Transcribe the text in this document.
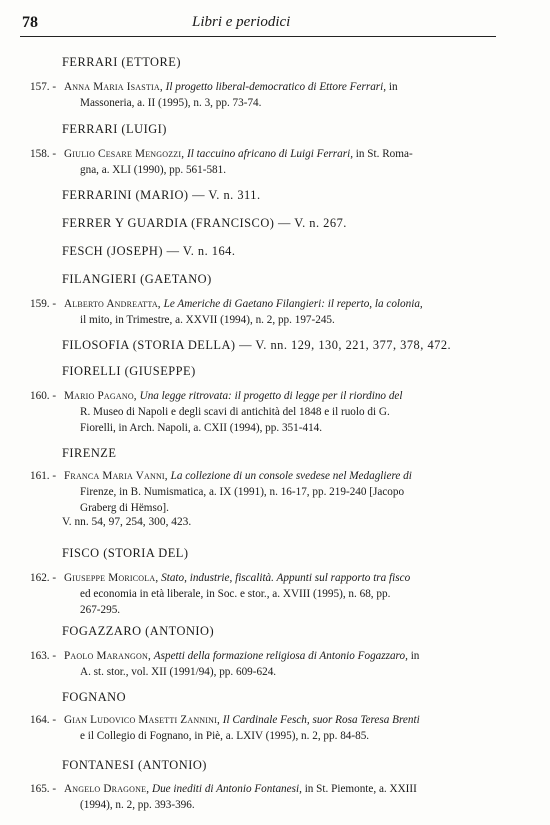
78	Libri e periodici
FERRARI (ETTORE)
157. - Anna Maria Isastia, Il progetto liberal-democratico di Ettore Ferrari, in
Massoneria, a. II (1995), n. 3, pp. 73-74.
FERRARI (LUIGI)
158. - Giulio Cesare Mengozzi, Il taccuino africano di Luigi Ferrari, in St. Roma-
gna, a. XLI (1990), pp. 561-581.
FERRARINI (MARIO) — V. n. 311.
FERRER Y GUARDIA (FRANCISCO) — V. n. 267.
FESCH (JOSEPH) — V. n. 164.
FILANGIERI (GAETANO)
159. - Alberto Andreatta, Le Americhe di Gaetano Filangieri: il reperto, la colonia,
il mito, in Trimestre, a. XXVII (1994), n. 2, pp. 197-245.
FILOSOFIA (STORIA DELLA) — V. nn. 129, 130, 221, 377, 378, 472.
FIORELLI (GIUSEPPE)
160. - Mario Pagano, Una legge ritrovata: il progetto di legge per il riordino del
R. Museo di Napoli e degli scavi di antichità del 1848 e il ruolo di G.
Fiorelli, in Arch. Napoli, a. CXII (1994), pp. 351-414.
FIRENZE
161. - Franca Maria Vanni, La collezione di un console svedese nel Medagliere di
Firenze, in B. Numismatica, a. IX (1991), n. 16-17, pp. 219-240 [Jacopo
Graberg di Hëmso].
V. nn. 54, 97, 254, 300, 423.
FISCO (STORIA DEL)
162. - Giuseppe Moricola, Stato, industrie, fiscalità. Appunti sul rapporto tra fisco
ed economia in età liberale, in Soc. e stor., a. XVIII (1995), n. 68, pp.
267-295.
FOGAZZARO (ANTONIO)
163. - Paolo Marangon, Aspetti della formazione religiosa di Antonio Fogazzaro, in
A. st. stor., vol. XII (1991/94), pp. 609-624.
FOGNANO
164. - Gian Ludovico Masetti Zannini, Il Cardinale Fesch, suor Rosa Teresa Brenti
e il Collegio di Fognano, in Piè, a. LXIV (1995), n. 2, pp. 84-85.
FONTANESI (ANTONIO)
165. - Angelo Dragone, Due inediti di Antonio Fontanesi, in St. Piemonte, a. XXIII
(1994), n. 2, pp. 393-396.
